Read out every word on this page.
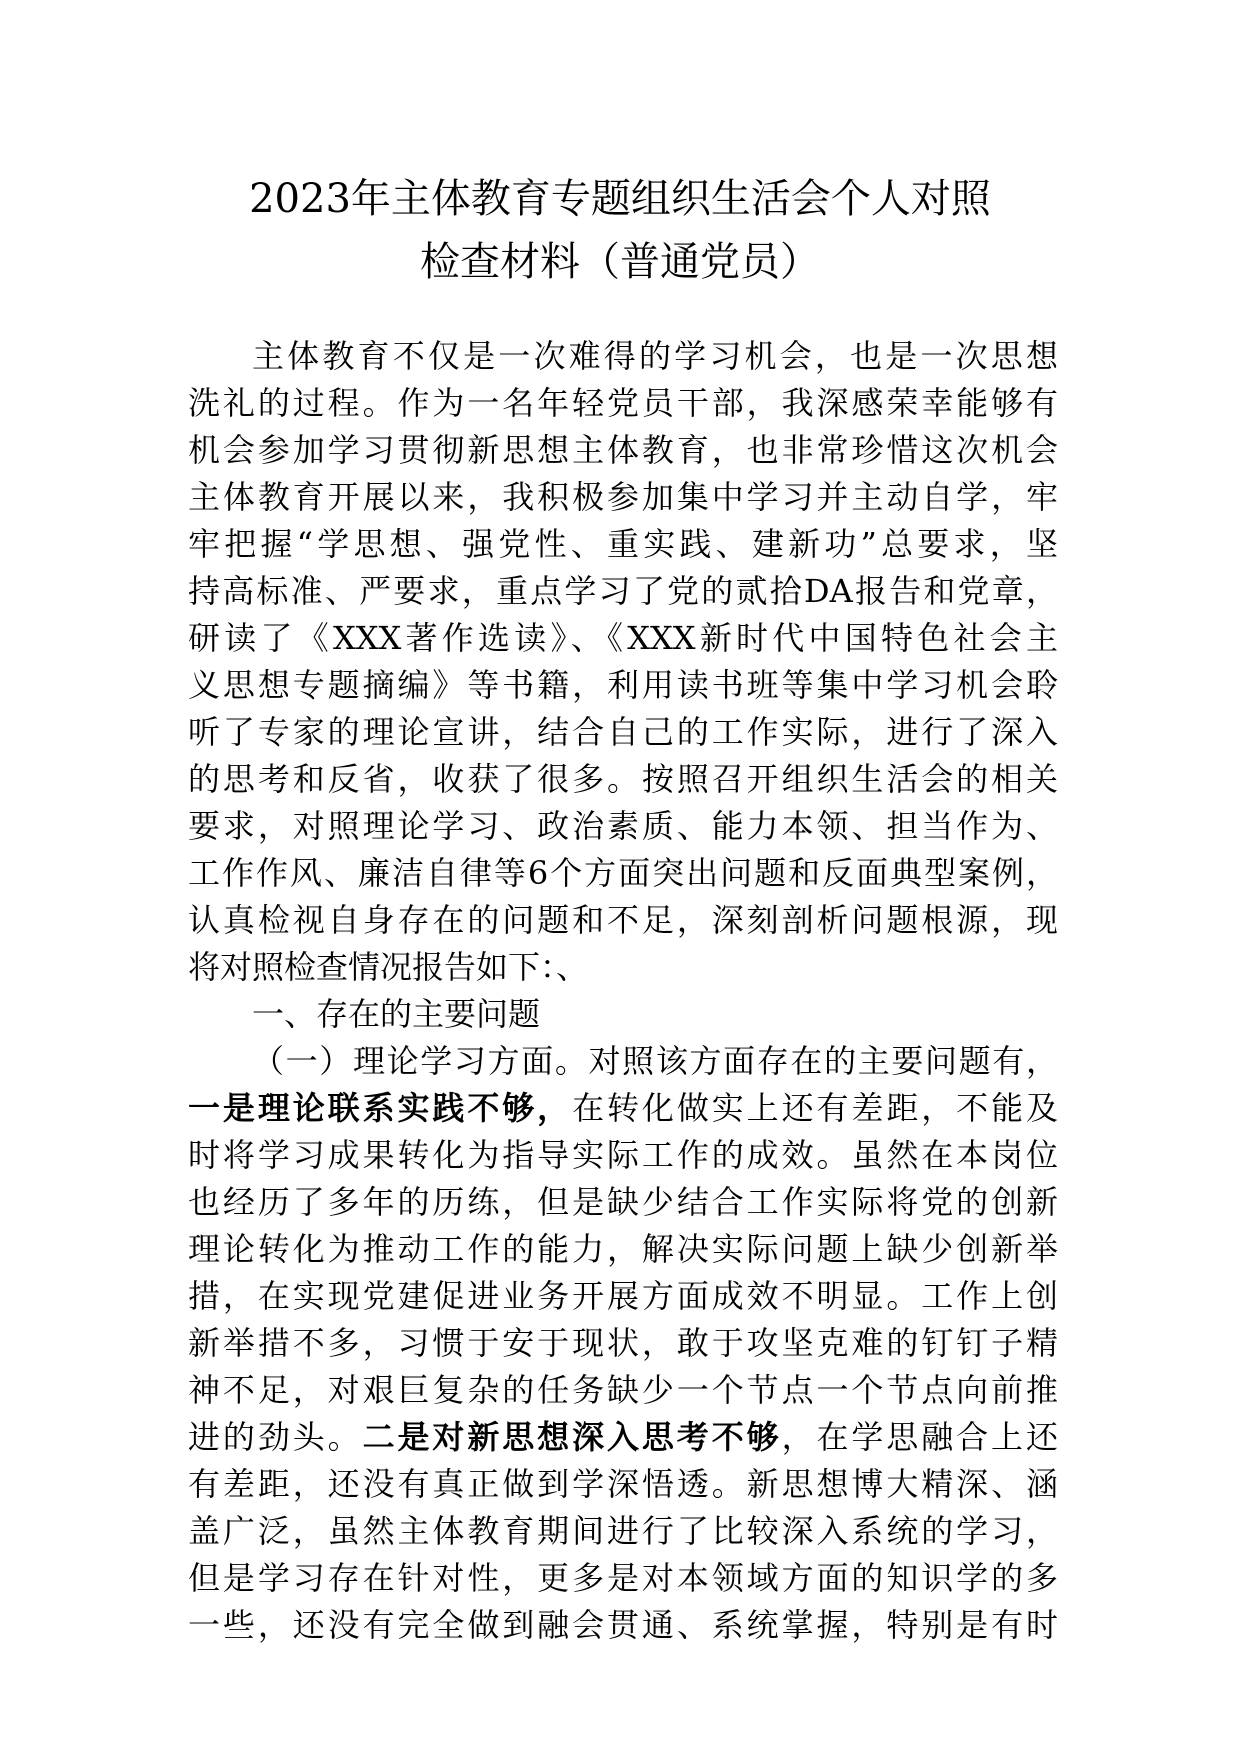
2023年主体教育专题组织生活会个人对照
检查材料（普通党员）
主体教育不仅是一次难得的学习机会，也是一次思想
洗礼的过程。作为一名年轻党员干部，我深感荣幸能够有
机会参加学习贯彻新思想主体教育，也非常珍惜这次机会
主体教育开展以来，我积极参加集中学习并主动自学，牢
牢把握“学思想、强党性、重实践、建新功”总要求，坚
持高标准、严要求，重点学习了党的贰拾DA报告和党章，
研读了《XXX著作选读》、《XXX新时代中国特色社会主
义思想专题摘编》等书籍，利用读书班等集中学习机会聆
听了专家的理论宣讲，结合自己的工作实际，进行了深入
的思考和反省，收获了很多。按照召开组织生活会的相关
要求，对照理论学习、政治素质、能力本领、担当作为、
工作作风、廉洁自律等6个方面突出问题和反面典型案例，
认真检视自身存在的问题和不足，深刻剖析问题根源，现
将对照检查情况报告如下：、
一、存在的主要问题
（一）理论学习方面。对照该方面存在的主要问题有，
一是理论联系实践不够，在转化做实上还有差距，不能及
时将学习成果转化为指导实际工作的成效。虽然在本岗位
也经历了多年的历练，但是缺少结合工作实际将党的创新
理论转化为推动工作的能力，解决实际问题上缺少创新举
措，在实现党建促进业务开展方面成效不明显。工作上创
新举措不多，习惯于安于现状，敢于攻坚克难的钉钉子精
神不足，对艰巨复杂的任务缺少一个节点一个节点向前推
进的劲头。二是对新思想深入思考不够，在学思融合上还
有差距，还没有真正做到学深悟透。新思想博大精深、涵
盖广泛，虽然主体教育期间进行了比较深入系统的学习，
但是学习存在针对性，更多是对本领域方面的知识学的多
一些，还没有完全做到融会贯通、系统掌握，特别是有时
